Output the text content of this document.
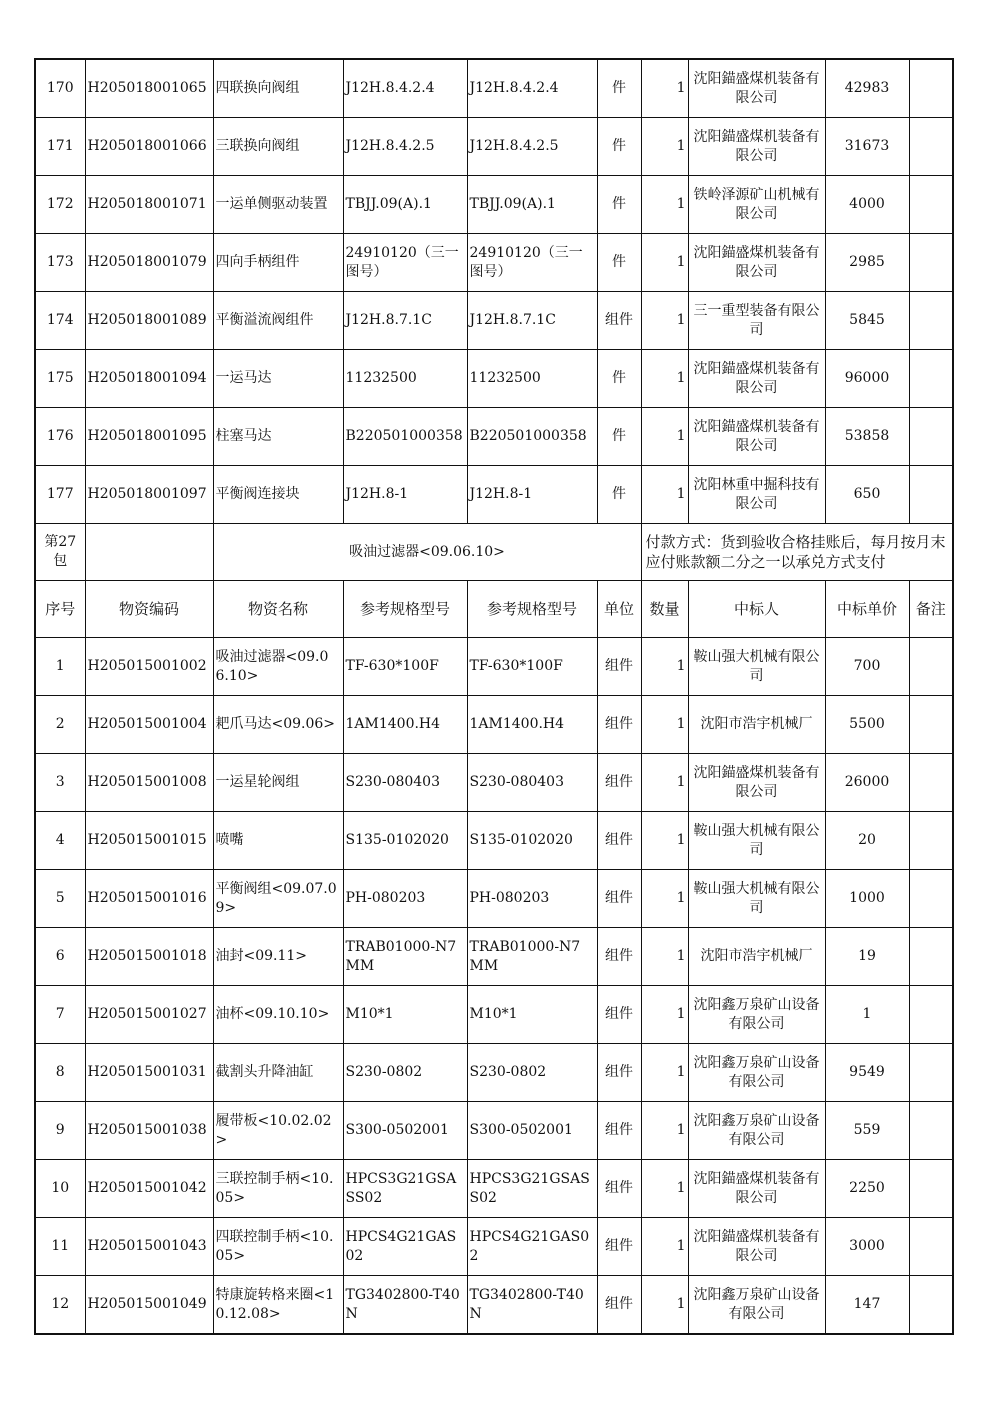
170	H205018001065	四联换向阀组	J12H.8.4.2.4	J12H.8.4.2.4	件	1	沈阳錨盛煤机装备有限公司	42983	
171	H205018001066	三联换向阀组	J12H.8.4.2.5	J12H.8.4.2.5	件	1	沈阳錨盛煤机装备有限公司	31673	
172	H205018001071	一运单侧驱动装置	TBJJ.09(A).1	TBJJ.09(A).1	件	1	铁岭泽源矿山机械有限公司	4000	
173	H205018001079	四向手柄组件	24910120（三一图号）	24910120（三一图号）	件	1	沈阳錨盛煤机装备有限公司	2985	
174	H205018001089	平衡溢流阀组件	J12H.8.7.1C	J12H.8.7.1C	组件	1	三一重型装备有限公司	5845	
175	H205018001094	一运马达	11232500	11232500	件	1	沈阳錨盛煤机装备有限公司	96000	
176	H205018001095	柱塞马达	B220501000358	B220501000358	件	1	沈阳錨盛煤机装备有限公司	53858	
177	H205018001097	平衡阀连接块	J12H.8-1	J12H.8-1	件	1	沈阳林重中掘科技有限公司	650	
第27包		吸油过滤器<09.06.10>				付款方式：货到验收合格挂账后，每月按月末应付账款额二分之一以承兑方式支付			
序号	物资编码	物资名称	参考规格型号	参考规格型号	单位	数量	中标人	中标单价	备注
1	H205015001002	吸油过滤器<09.06.10>	TF-630*100F	TF-630*100F	组件	1	鞍山强大机械有限公司	700	
2	H205015001004	耙爪马达<09.06>	1AM1400.H4	1AM1400.H4	组件	1	沈阳市浩宇机械厂	5500	
3	H205015001008	一运星轮阀组	S230-080403	S230-080403	组件	1	沈阳錨盛煤机装备有限公司	26000	
4	H205015001015	喷嘴	S135-0102020	S135-0102020	组件	1	鞍山强大机械有限公司	20	
5	H205015001016	平衡阀组<09.07.09>	PH-080203	PH-080203	组件	1	鞍山强大机械有限公司	1000	
6	H205015001018	油封<09.11>	TRAB01000-N7MM	TRAB01000-N7MM	组件	1	沈阳市浩宇机械厂	19	
7	H205015001027	油杯<09.10.10>	M10*1	M10*1	组件	1	沈阳鑫万泉矿山设备有限公司	1	
8	H205015001031	截割头升降油缸	S230-0802	S230-0802	组件	1	沈阳鑫万泉矿山设备有限公司	9549	
9	H205015001038	履带板<10.02.02>	S300-0502001	S300-0502001	组件	1	沈阳鑫万泉矿山设备有限公司	559	
10	H205015001042	三联控制手柄<10.05>	HPCS3G21GSASS02	HPCS3G21GSASS02	组件	1	沈阳錨盛煤机装备有限公司	2250	
11	H205015001043	四联控制手柄<10.05>	HPCS4G21GAS02	HPCS4G21GAS02	组件	1	沈阳錨盛煤机装备有限公司	3000	
12	H205015001049	特康旋转格来圈<10.12.08>	TG3402800-T40N	TG3402800-T40N	组件	1	沈阳鑫万泉矿山设备有限公司	147	
